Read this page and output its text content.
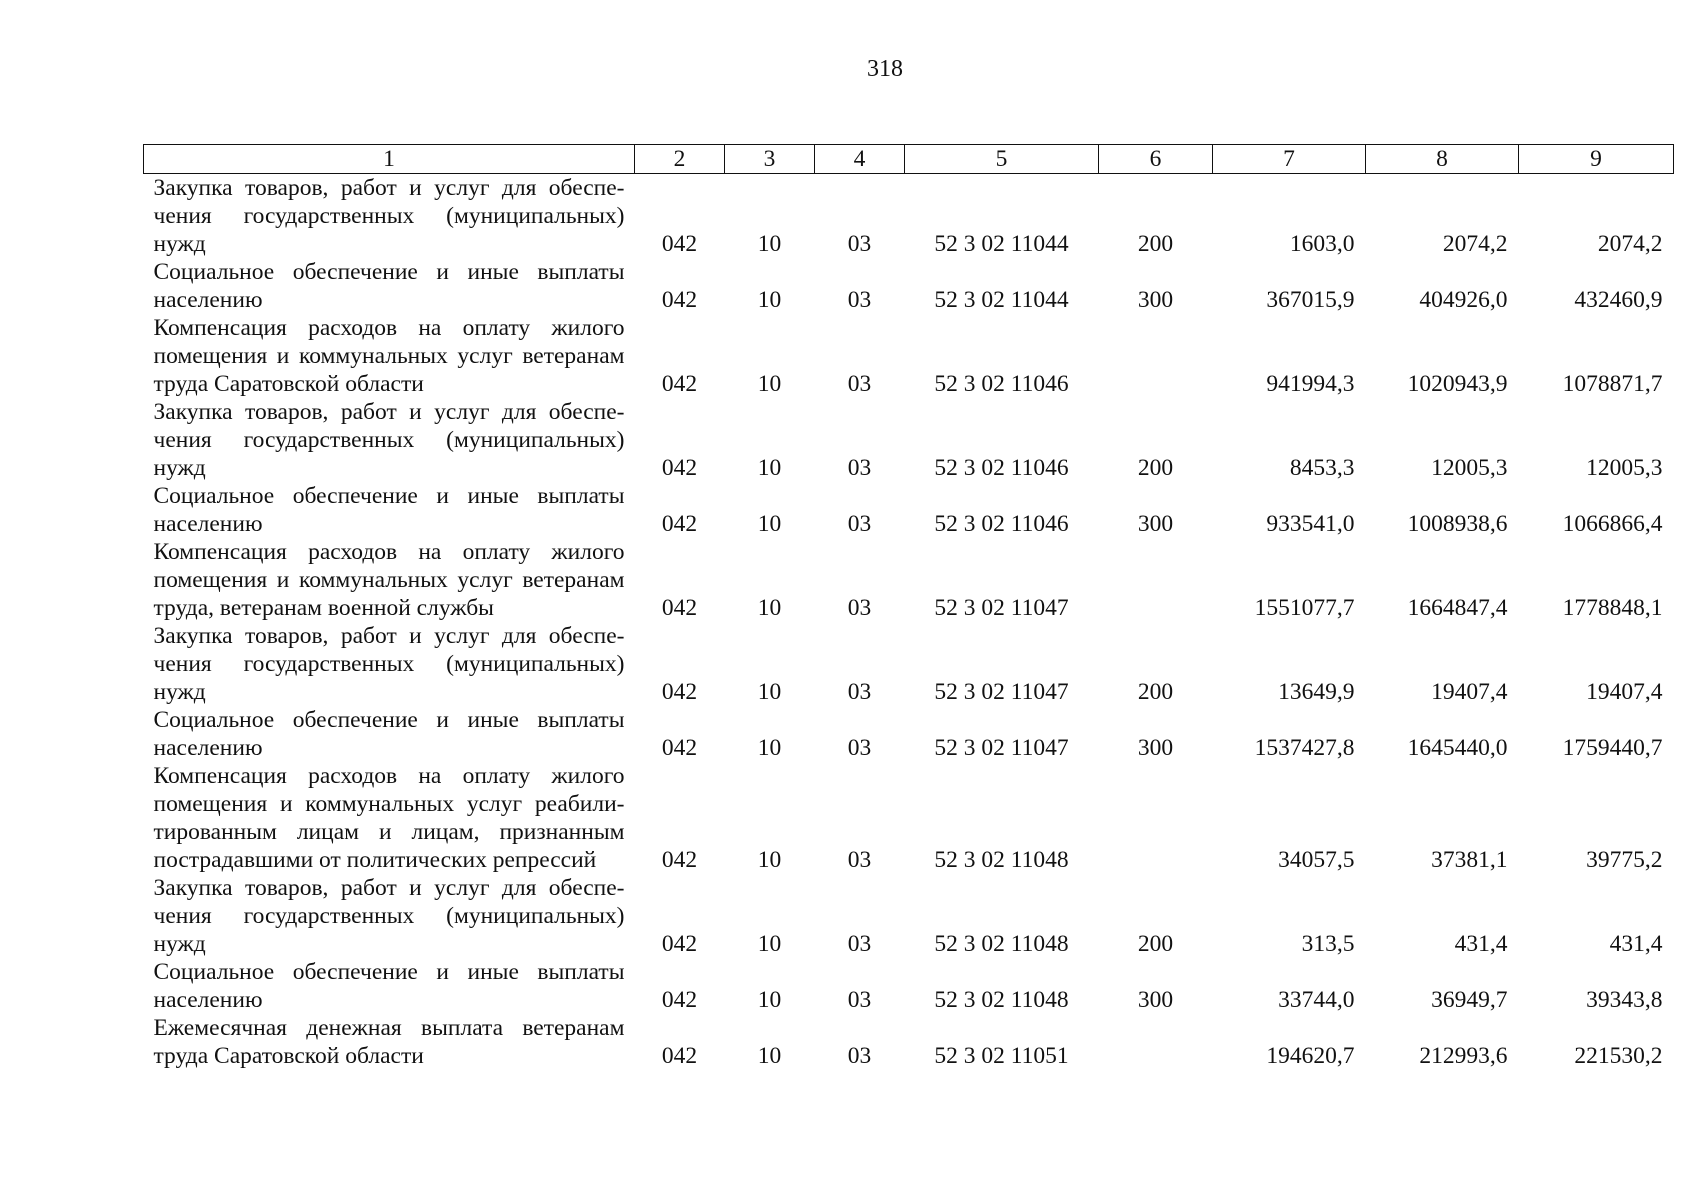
318
1	2	3	4	5	6	7	8	9
Закупка товаров, работ и услуг для обеспечения государственных (муниципальных) нужд	042	10	03	52 3 02 11044	200	1603,0	2074,2	2074,2
Социальное обеспечение и иные выплаты населению	042	10	03	52 3 02 11044	300	367015,9	404926,0	432460,9
Компенсация расходов на оплату жилого помещения и коммунальных услуг ветеранам труда Саратовской области	042	10	03	52 3 02 11046		941994,3	1020943,9	1078871,7
Закупка товаров, работ и услуг для обеспечения государственных (муниципальных) нужд	042	10	03	52 3 02 11046	200	8453,3	12005,3	12005,3
Социальное обеспечение и иные выплаты населению	042	10	03	52 3 02 11046	300	933541,0	1008938,6	1066866,4
Компенсация расходов на оплату жилого помещения и коммунальных услуг ветеранам труда, ветеранам военной службы	042	10	03	52 3 02 11047		1551077,7	1664847,4	1778848,1
Закупка товаров, работ и услуг для обеспечения государственных (муниципальных) нужд	042	10	03	52 3 02 11047	200	13649,9	19407,4	19407,4
Социальное обеспечение и иные выплаты населению	042	10	03	52 3 02 11047	300	1537427,8	1645440,0	1759440,7
Компенсация расходов на оплату жилого помещения и коммунальных услуг реабилитированным лицам и лицам, признанным пострадавшими от политических репрессий	042	10	03	52 3 02 11048		34057,5	37381,1	39775,2
Закупка товаров, работ и услуг для обеспечения государственных (муниципальных) нужд	042	10	03	52 3 02 11048	200	313,5	431,4	431,4
Социальное обеспечение и иные выплаты населению	042	10	03	52 3 02 11048	300	33744,0	36949,7	39343,8
Ежемесячная денежная выплата ветеранам труда Саратовской области	042	10	03	52 3 02 11051		194620,7	212993,6	221530,2
